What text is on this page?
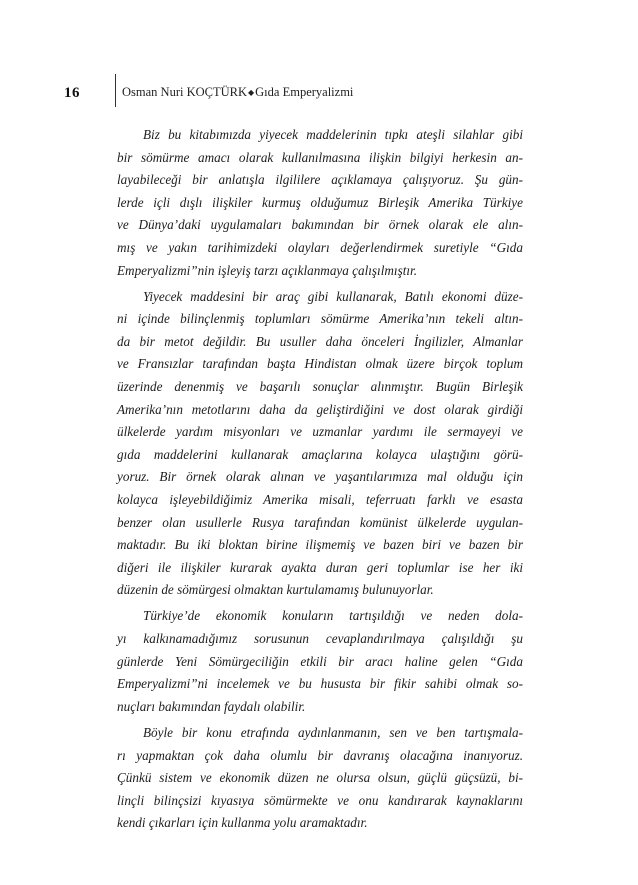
16	Osman Nuri KOÇTÜRK◆Gıda Emperyalizmi
Biz bu kitabımızda yiyecek maddelerinin tıpkı ateşli silahlar gibi
bir sömürme amacı olarak kullanılmasına ilişkin bilgiyi herkesin an-
layabileceği bir anlatışla ilgililere açıklamaya çalışıyoruz. Şu gün-
lerde içli dışlı ilişkiler kurmuş olduğumuz Birleşik Amerika Türkiye
ve Dünya’daki uygulamaları bakımından bir örnek olarak ele alın-
mış ve yakın tarihimizdeki olayları değerlendirmek suretiyle “Gıda
Emperyalizmi”nin işleyiş tarzı açıklanmaya çalışılmıştır.
Yiyecek maddesini bir araç gibi kullanarak, Batılı ekonomi düze-
ni içinde bilinçlenmiş toplumları sömürme Amerika’nın tekeli altın-
da bir metot değildir. Bu usuller daha önceleri İngilizler, Almanlar
ve Fransızlar tarafından başta Hindistan olmak üzere birçok toplum
üzerinde denenmiş ve başarılı sonuçlar alınmıştır. Bugün Birleşik
Amerika’nın metotlarını daha da geliştirdiğini ve dost olarak girdiği
ülkelerde yardım misyonları ve uzmanlar yardımı ile sermayeyi ve
gıda maddelerini kullanarak amaçlarına kolayca ulaştığını görü-
yoruz. Bir örnek olarak alınan ve yaşantılarımıza mal olduğu için
kolayca işleyebildiğimiz Amerika misali, teferruatı farklı ve esasta
benzer olan usullerle Rusya tarafından komünist ülkelerde uygulan-
maktadır. Bu iki bloktan birine ilişmemiş ve bazen biri ve bazen bir
diğeri ile ilişkiler kurarak ayakta duran geri toplumlar ise her iki
düzenin de sömürgesi olmaktan kurtulamamış bulunuyorlar.
Türkiye’de ekonomik konuların tartışıldığı ve neden dola-
yı kalkınamadığımız sorusunun cevaplandırılmaya çalışıldığı şu
günlerde Yeni Sömürgeciliğin etkili bir aracı haline gelen “Gıda
Emperyalizmi”ni incelemek ve bu hususta bir fikir sahibi olmak so-
nuçları bakımından faydalı olabilir.
Böyle bir konu etrafında aydınlanmanın, sen ve ben tartışmala-
rı yapmaktan çok daha olumlu bir davranış olacağına inanıyoruz.
Çünkü sistem ve ekonomik düzen ne olursa olsun, güçlü güçsüzü, bi-
linçli bilinçsizi kıyasıya sömürmekte ve onu kandırarak kaynaklarını
kendi çıkarları için kullanma yolu aramaktadır.
